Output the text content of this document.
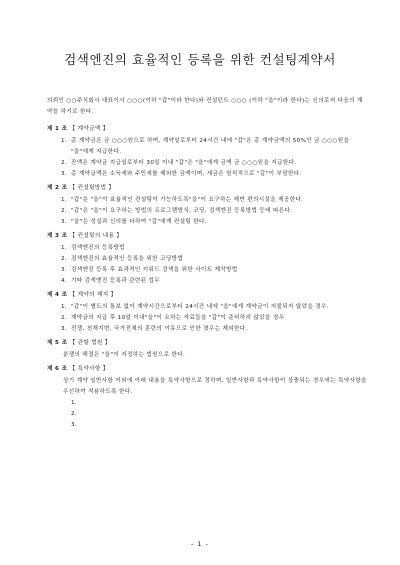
검색엔진의 효율적인 등록을 위한 컨설팅계약서
의뢰인 ○○주식회사 대표이사 ○○○(이하 "갑"이라 한다)와 컨설턴트 ○○○ (이하 "을"이라 한다)는 신의로써 다음의 계약을 하기로 한다.
제 1 조 【 계약금액 】
1. 총 계약금은 금 ○○○원으로 하며, 계약일로부터 24시간 내에 "갑"은 총 계약금액의 50%인 금 ○○○원을 "을"에게 지급한다.
2. 잔액은 계약금 지급일로부터 30일 이내 "갑"은 "을"에게 금액 금 ○○○원을 지급한다.
3. 총 계약금액은 소득세와 주민세를 제외한 금액이며, 세금은 원칙적으로 "갑"이 부담한다.
제 2 조 【 컨설팅방법 】
1. "갑"은 "을"이 효율적인 컨설팅이 가능하도록"을"이 요구하는 제반 편의시설을 제공한다.
2. "갑"은 "을"이 요구하는 방법의 프로그램방식, 코딩, 검색엔진 등록방법 등에 따른다.
3. "을"은 성실과 신의를 다하여 "갑"에게 컨설팅 한다.
제 3 조 【 컨설팅의 내용 】
1. 검색엔진의 등록방법
2. 검색엔진의 효율적인 등록을 위한 코딩방법
3. 검색엔진 등록 후 효과적인 키워드 검색을 위한 사이트 제작방법
4. 기타 검색엔진 등록과 관련된 업무
제 4 조 【 계약의 해지 】
1. "갑"이 별도의 통보 없이 계약시간으로부터 24시간 내에 "을"에게 계약금이 지불되지 않았을 경우.
2. 계약금의 지급 후 10일 이내"을"이 요하는 자료들을 "갑"이 준비하지 않았을 경우
3. 전쟁, 천재지변, 국가전체의 혼란의 이유으로 인한 경우는 제외한다.
제 5 조 【 관할 법원 】
분쟁의 해결은 "을"이 지정하는 법원으로 한다.
제 6 조 【 특약사항 】
상기 계약 일반사항 이외에 아래 내용을 특약사항으로 정하며, 일반사항과 특약사항이 상충되는 경우에는 특약사항을 우선하여 적용하도록 한다.
1.
2.
3.
- 1 -
